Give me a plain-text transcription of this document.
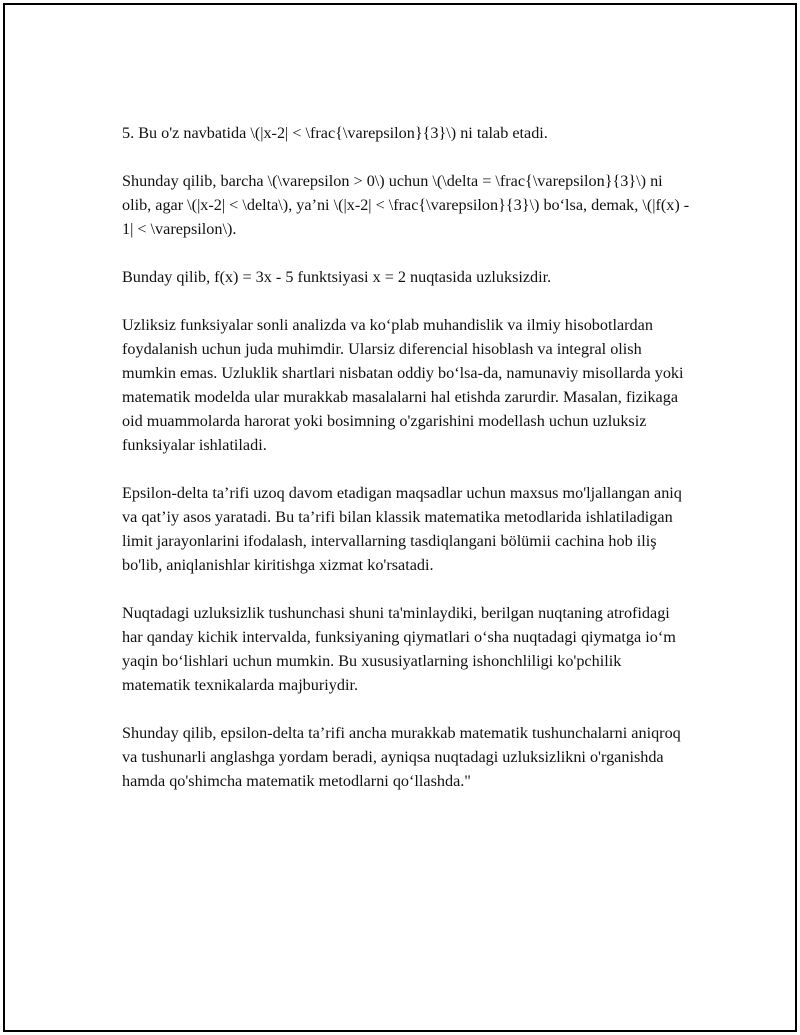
5. Bu o'z navbatida \(|x-2| < \frac{\varepsilon}{3}\) ni talab etadi.

Shunday qilib, barcha \(\varepsilon > 0\) uchun \(\delta = \frac{\varepsilon}{3}\) ni olib, agar \(|x-2| < \delta\), ya’ni \(|x-2| < \frac{\varepsilon}{3}\) bo‘lsa, demak, \(|f(x) - 1| < \varepsilon\).

Bunday qilib, f(x) = 3x - 5 funktsiyasi x = 2 nuqtasida uzluksizdir.

Uzliksiz funksiyalar sonli analizda va ko‘plab muhandislik va ilmiy hisobotlardan foydalanish uchun juda muhimdir. Ularsiz diferencial hisoblash va integral olish mumkin emas. Uzluklik shartlari nisbatan oddiy bo‘lsa-da, namunaviy misollarda yoki matematik modelda ular murakkab masalalarni hal etishda zarurdir. Masalan, fizikaga oid muammolarda harorat yoki bosimning o'zgarishini modellash uchun uzluksiz funksiyalar ishlatiladi.

Epsilon-delta ta’rifi uzoq davom etadigan maqsadlar uchun maxsus mo'ljallangan aniq va qat’iy asos yaratadi. Bu ta’rifi bilan klassik matematika metodlarida ishlatiladigan limit jarayonlarini ifodalash, intervallarning tasdiqlangani bölümii cachina hob iliş bo'lib, aniqlanishlar kiritishga xizmat ko'rsatadi.

Nuqtadagi uzluksizlik tushunchasi shuni ta'minlaydiki, berilgan nuqtaning atrofidagi har qanday kichik intervalda, funksiyaning qiymatlari o‘sha nuqtadagi qiymatga io‘m yaqin bo‘lishlari uchun mumkin. Bu xususiyatlarning ishonchliligi ko'pchilik matematik texnikalarda majburiydir.

Shunday qilib, epsilon-delta ta’rifi ancha murakkab matematik tushunchalarni aniqroq va tushunarli anglashga yordam beradi, ayniqsa nuqtadagi uzluksizlikni o'rganishda hamda qo'shimcha matematik metodlarni qo‘llashda."
